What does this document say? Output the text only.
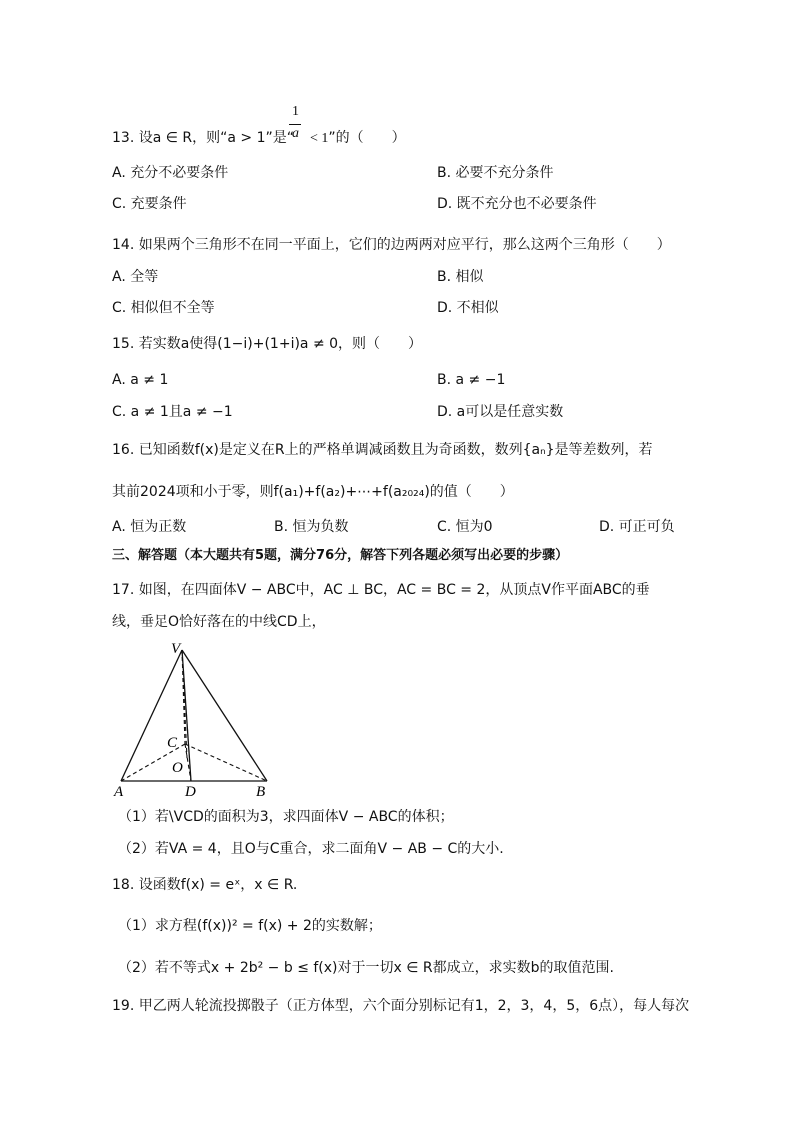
1
a
13. 设a ∈ R，则“a > 1”是“ < 1”的（　　）
A. 充分不必要条件	B. 必要不充分条件
C. 充要条件	D. 既不充分也不必要条件
14. 如果两个三角形不在同一平面上，它们的边两两对应平行，那么这两个三角形（　　）
A. 全等	B. 相似
C. 相似但不全等	D. 不相似
15. 若实数a使得(1−i)+(1+i)a ≠ 0，则（　　）
A. a ≠ 1	B. a ≠ −1
C. a ≠ 1且a ≠ −1	D. a可以是任意实数
16. 已知函数f(x)是定义在R上的严格单调减函数且为奇函数，数列{aₙ}是等差数列，若
其前2024项和小于零，则f(a₁)+f(a₂)+⋯+f(a₂₀₂₄)的值（　　）
A. 恒为正数	B. 恒为负数	C. 恒为0	D. 可正可负
三、解答题（本大题共有5题，满分76分，解答下列各题必须写出必要的步骤）
17. 如图，在四面体V − ABC中，AC ⊥ BC，AC = BC = 2，从顶点V作平面ABC的垂
线，垂足O恰好落在的中线CD上，
V
C
O
A	D	B
（1）若\VCD的面积为3，求四面体V − ABC的体积；
（2）若VA = 4，且O与C重合，求二面角V − AB − C的大小.
18. 设函数f(x) = eˣ，x ∈ R.
（1）求方程(f(x))² = f(x) + 2的实数解；
（2）若不等式x + 2b² − b ≤ f(x)对于一切x ∈ R都成立，求实数b的取值范围.
19. 甲乙两人轮流投掷骰子（正方体型，六个面分别标记有1，2，3，4，5，6点），每人每次
